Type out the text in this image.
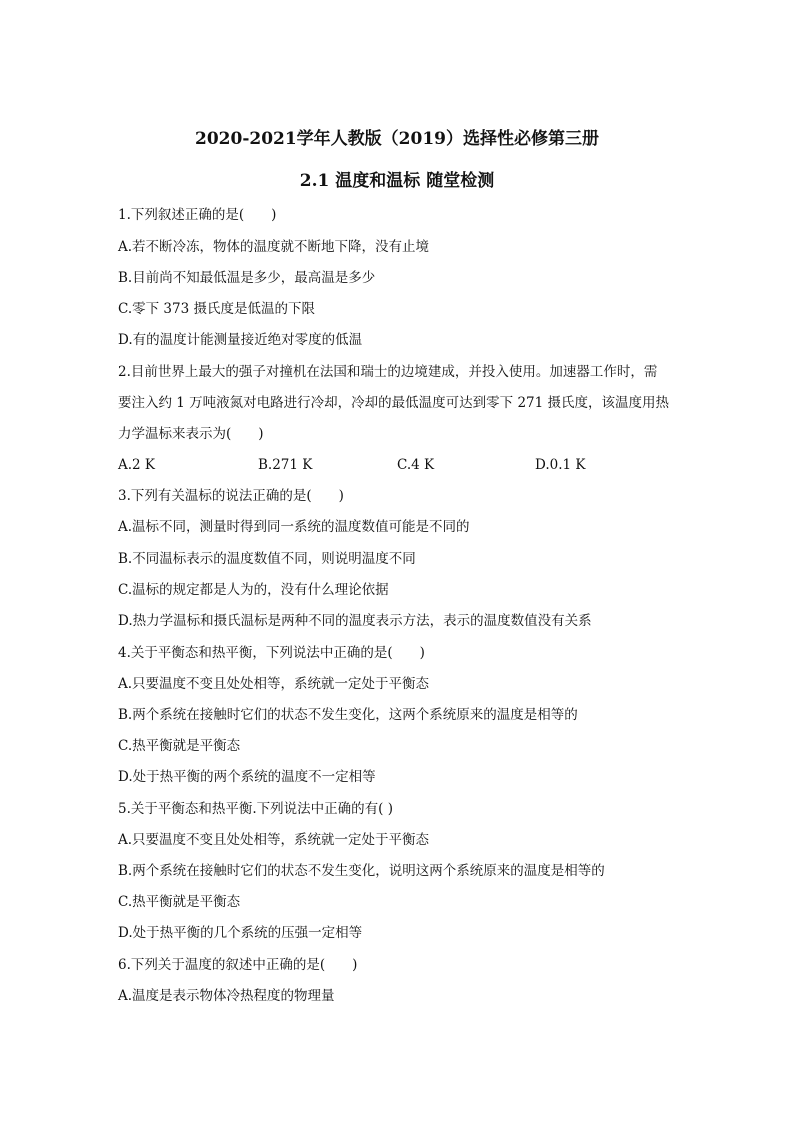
2020-2021学年人教版（2019）选择性必修第三册
2.1 温度和温标 随堂检测
1.下列叙述正确的是(　　)
A.若不断冷冻，物体的温度就不断地下降，没有止境
B.目前尚不知最低温是多少，最高温是多少
C.零下 373 摄氏度是低温的下限
D.有的温度计能测量接近绝对零度的低温
2.目前世界上最大的强子对撞机在法国和瑞士的边境建成，并投入使用。加速器工作时，需
要注入约 1 万吨液氮对电路进行冷却，冷却的最低温度可达到零下 271 摄氏度，该温度用热
力学温标来表示为(　　)
A.2 K	B.271 K	C.4 K	D.0.1 K
3.下列有关温标的说法正确的是(　　)
A.温标不同，测量时得到同一系统的温度数值可能是不同的
B.不同温标表示的温度数值不同，则说明温度不同
C.温标的规定都是人为的，没有什么理论依据
D.热力学温标和摄氏温标是两种不同的温度表示方法，表示的温度数值没有关系
4.关于平衡态和热平衡，下列说法中正确的是(　　)
A.只要温度不变且处处相等，系统就一定处于平衡态
B.两个系统在接触时它们的状态不发生变化，这两个系统原来的温度是相等的
C.热平衡就是平衡态
D.处于热平衡的两个系统的温度不一定相等
5.关于平衡态和热平衡.下列说法中正确的有( )
A.只要温度不变且处处相等，系统就一定处于平衡态
B.两个系统在接触时它们的状态不发生变化，说明这两个系统原来的温度是相等的
C.热平衡就是平衡态
D.处于热平衡的几个系统的压强一定相等
6.下列关于温度的叙述中正确的是(　　)
A.温度是表示物体冷热程度的物理量
